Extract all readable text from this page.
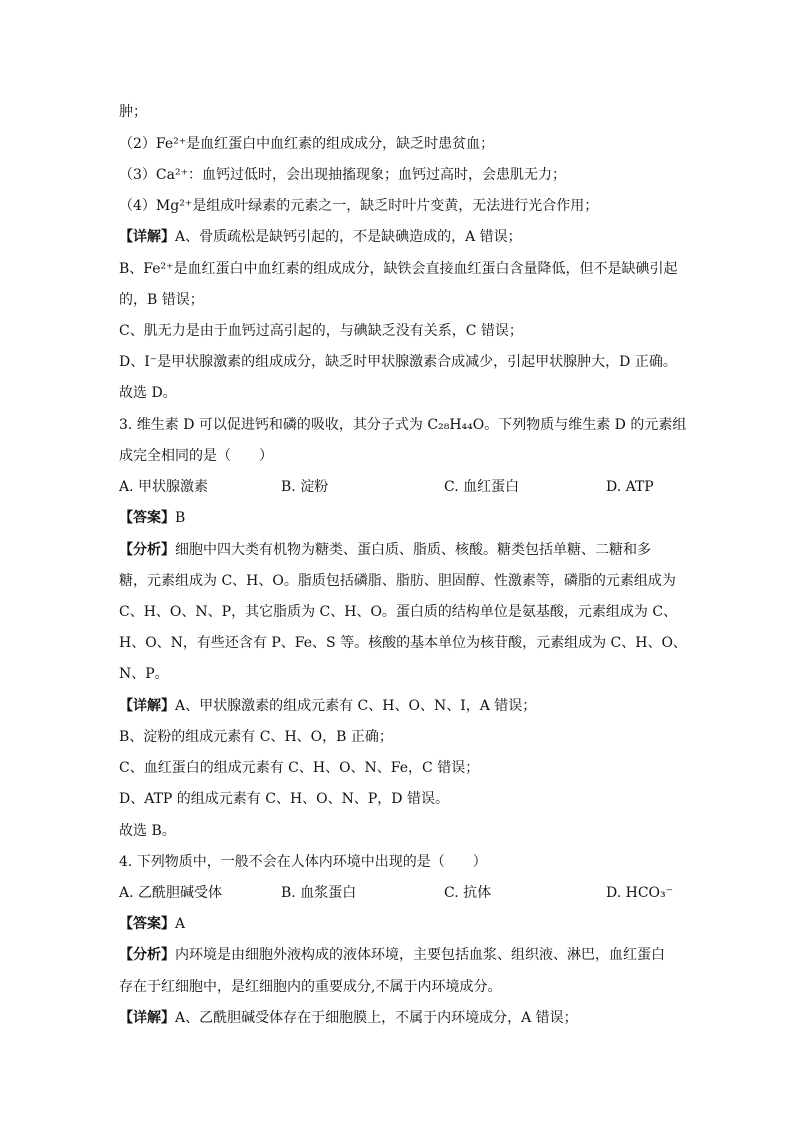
肿；
（2）Fe²⁺是血红蛋白中血红素的组成成分，缺乏时患贫血；
（3）Ca²⁺：血钙过低时，会出现抽搐现象；血钙过高时，会患肌无力；
（4）Mg²⁺是组成叶绿素的元素之一，缺乏时叶片变黄，无法进行光合作用；
【详解】A、骨质疏松是缺钙引起的，不是缺碘造成的，A 错误；
B、Fe²⁺是血红蛋白中血红素的组成成分，缺铁会直接血红蛋白含量降低，但不是缺碘引起
的，B 错误；
C、肌无力是由于血钙过高引起的，与碘缺乏没有关系，C 错误；
D、I⁻是甲状腺激素的组成成分，缺乏时甲状腺激素合成减少，引起甲状腺肿大，D 正确。
故选 D。
3. 维生素 D 可以促进钙和磷的吸收，其分子式为 C₂₈H₄₄O。下列物质与维生素 D 的元素组
成完全相同的是（　　）
A. 甲状腺激素	B. 淀粉	C. 血红蛋白	D. ATP
【答案】B
【分析】细胞中四大类有机物为糖类、蛋白质、脂质、核酸。糖类包括单糖、二糖和多
糖，元素组成为 C、H、O。脂质包括磷脂、脂肪、胆固醇、性激素等，磷脂的元素组成为
C、H、O、N、P，其它脂质为 C、H、O。蛋白质的结构单位是氨基酸，元素组成为 C、
H、O、N，有些还含有 P、Fe、S 等。核酸的基本单位为核苷酸，元素组成为 C、H、O、
N、P。
【详解】A、甲状腺激素的组成元素有 C、H、O、N、I，A 错误；
B、淀粉的组成元素有 C、H、O，B 正确；
C、血红蛋白的组成元素有 C、H、O、N、Fe，C 错误；
D、ATP 的组成元素有 C、H、O、N、P，D 错误。
故选 B。
4. 下列物质中，一般不会在人体内环境中出现的是（　　）
A. 乙酰胆碱受体	B. 血浆蛋白	C. 抗体	D. HCO₃⁻
【答案】A
【分析】内环境是由细胞外液构成的液体环境，主要包括血浆、组织液、淋巴，血红蛋白
存在于红细胞中，是红细胞内的重要成分,不属于内环境成分。
【详解】A、乙酰胆碱受体存在于细胞膜上，不属于内环境成分，A 错误；
